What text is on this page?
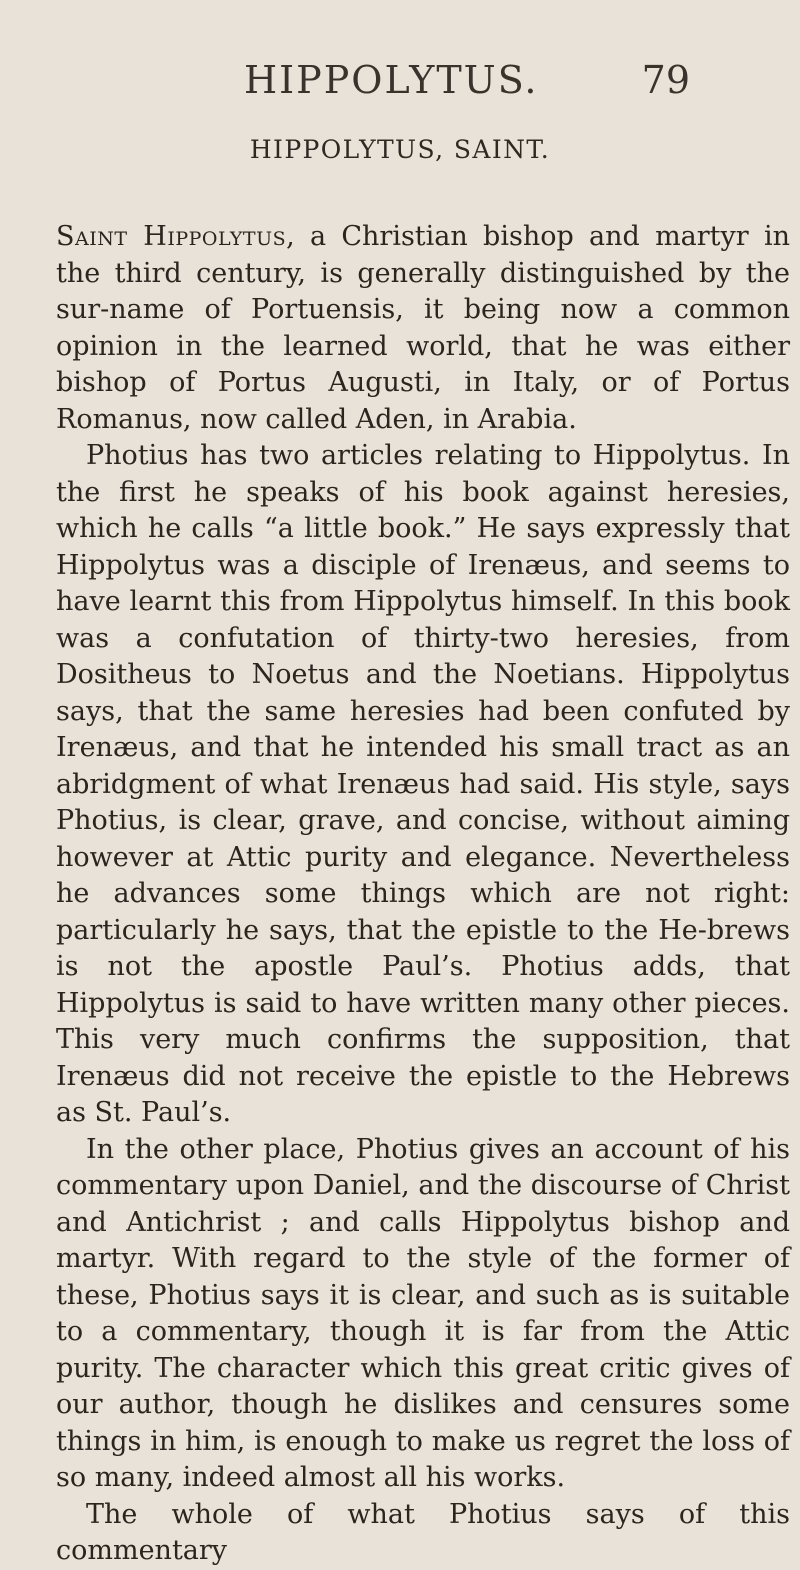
HIPPOLYTUS.	79
HIPPOLYTUS, SAINT.

Saint Hippolytus, a Christian bishop and martyr in the third century, is generally distinguished by the sur-name of Portuensis, it being now a common opinion in the learned world, that he was either bishop of Portus Augusti, in Italy, or of Portus Romanus, now called Aden, in Arabia.

Photius has two articles relating to Hippolytus. In the first he speaks of his book against heresies, which he calls “a little book.” He says expressly that Hippolytus was a disciple of Irenæus, and seems to have learnt this from Hippolytus himself. In this book was a confutation of thirty-two heresies, from Dositheus to Noetus and the Noetians. Hippolytus says, that the same heresies had been confuted by Irenæus, and that he intended his small tract as an abridgment of what Irenæus had said. His style, says Photius, is clear, grave, and concise, without aiming however at Attic purity and elegance. Nevertheless he advances some things which are not right: particularly he says, that the epistle to the He-brews is not the apostle Paul’s. Photius adds, that Hippolytus is said to have written many other pieces. This very much confirms the supposition, that Irenæus did not receive the epistle to the Hebrews as St. Paul’s.

In the other place, Photius gives an account of his commentary upon Daniel, and the discourse of Christ and Antichrist ; and calls Hippolytus bishop and martyr. With regard to the style of the former of these, Photius says it is clear, and such as is suitable to a commentary, though it is far from the Attic purity. The character which this great critic gives of our author, though he dislikes and censures some things in him, is enough to make us regret the loss of so many, indeed almost all his works.

The whole of what Photius says of this commentary
